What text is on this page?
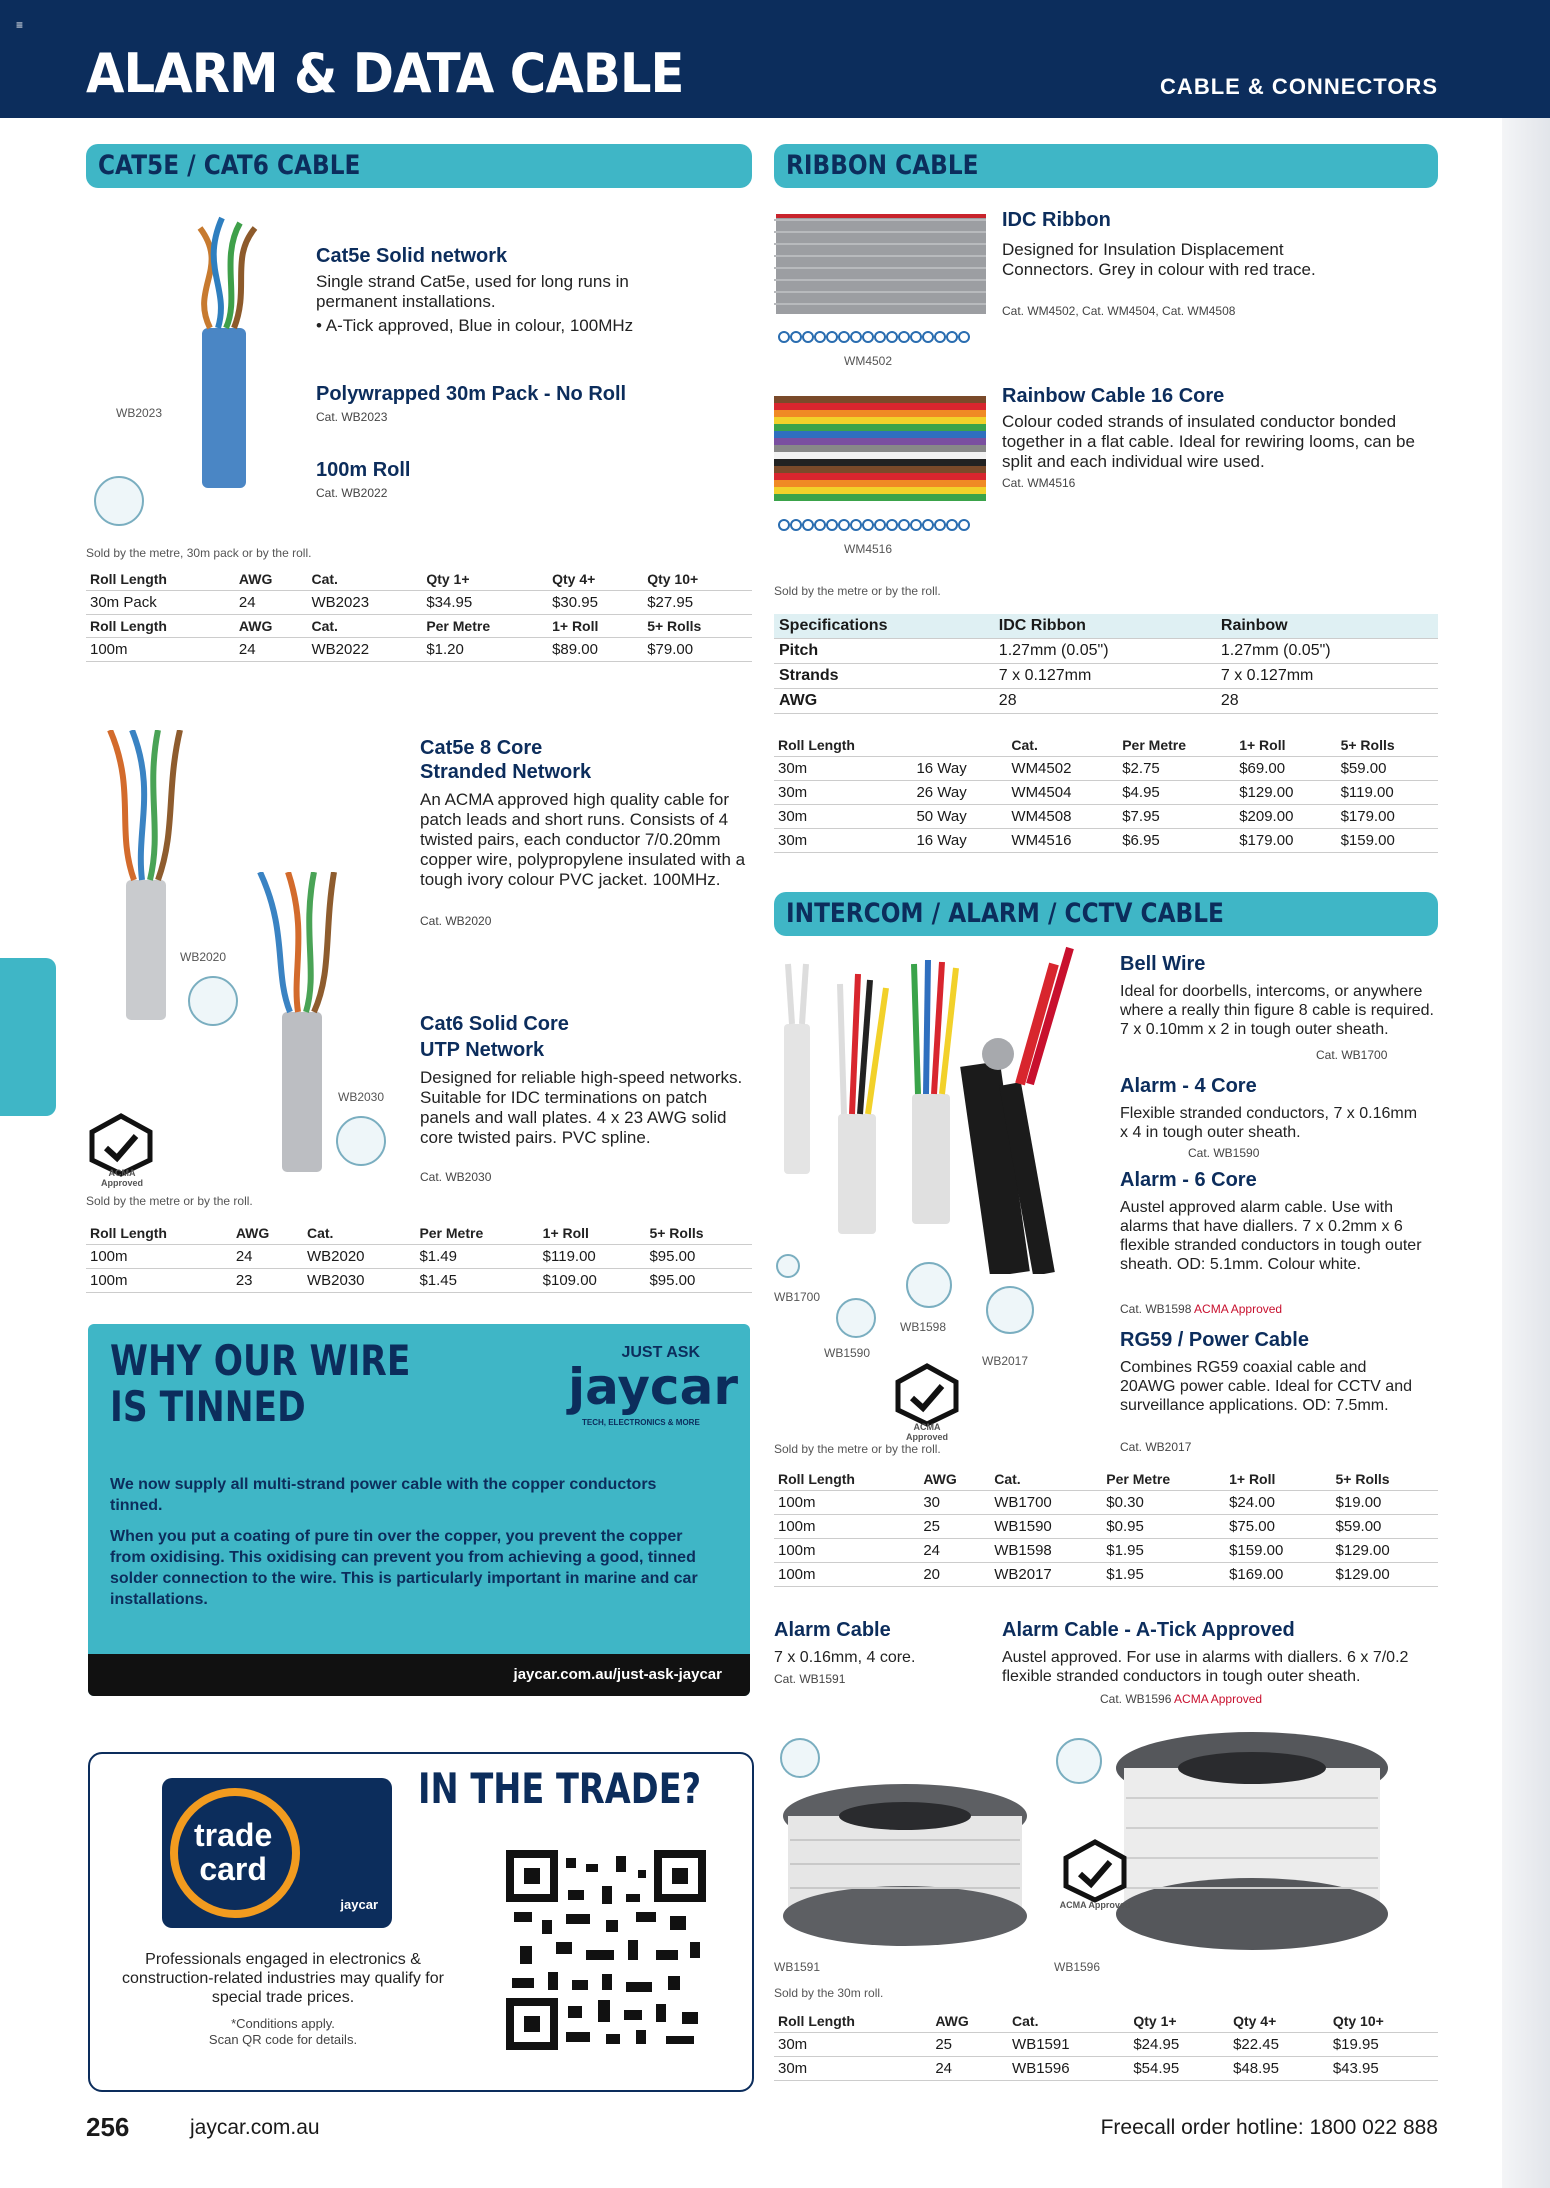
≡
ALARM & DATA CABLE	CABLE & CONNECTORS
CAT5E / CAT6 CABLE
WB2023
Cat5e Solid network
Single strand Cat5e, used for long runs in permanent installations.
• A-Tick approved, Blue in colour, 100MHz
Polywrapped 30m Pack - No Roll
Cat. WB2023
100m Roll
Cat. WB2022
Sold by the metre, 30m pack or by the roll.
Roll Length	AWG	Cat.	Qty 1+	Qty 4+	Qty 10+
30m Pack	24	WB2023	$34.95	$30.95	$27.95
Roll Length	AWG	Cat.	Per Metre	1+ Roll	5+ Rolls
100m	24	WB2022	$1.20	$89.00	$79.00
WB2020
WB2030
ACMA Approved
Cat5e 8 Core
Stranded Network
An ACMA approved high quality cable for patch leads and short runs. Consists of 4 twisted pairs, each conductor 7/0.20mm copper wire, polypropylene insulated with a tough ivory colour PVC jacket. 100MHz.
Cat. WB2020
Cat6 Solid Core
UTP Network
Designed for reliable high-speed networks. Suitable for IDC terminations on patch panels and wall plates. 4 x 23 AWG solid core twisted pairs. PVC spline.
Cat. WB2030
Sold by the metre or by the roll.
Roll Length	AWG	Cat.	Per Metre	1+ Roll	5+ Rolls
100m	24	WB2020	$1.49	$119.00	$95.00
100m	23	WB2030	$1.45	$109.00	$95.00
WHY OUR WIRE
IS TINNED
JUST ASK
jaycar
TECH, ELECTRONICS & MORE
We now supply all multi-strand power cable with the copper conductors tinned.
When you put a coating of pure tin over the copper, you prevent the copper from oxidising. This oxidising can prevent you from achieving a good, tinned solder connection to the wire. This is particularly important in marine and car installations.
jaycar.com.au/just-ask-jaycar
trade
card
jaycar
IN THE TRADE?
Professionals engaged in electronics & construction-related industries may qualify for special trade prices.
*Conditions apply.
Scan QR code for details.
RIBBON CABLE
WM4502
WM4516
IDC Ribbon
Designed for Insulation Displacement Connectors. Grey in colour with red trace.
Cat. WM4502, Cat. WM4504, Cat. WM4508
Rainbow Cable 16 Core
Colour coded strands of insulated conductor bonded together in a flat cable. Ideal for rewiring looms, can be split and each individual wire used.
Cat. WM4516
Sold by the metre or by the roll.
Specifications	IDC Ribbon	Rainbow
Pitch	1.27mm (0.05")	1.27mm (0.05")
Strands	7 x 0.127mm	7 x 0.127mm
AWG	28	28
Roll Length		Cat.	Per Metre	1+ Roll	5+ Rolls
30m	16 Way	WM4502	$2.75	$69.00	$59.00
30m	26 Way	WM4504	$4.95	$129.00	$119.00
30m	50 Way	WM4508	$7.95	$209.00	$179.00
30m	16 Way	WM4516	$6.95	$179.00	$159.00
INTERCOM / ALARM / CCTV CABLE
WB1700
WB1590
WB1598
WB2017
ACMA Approved
Bell Wire
Ideal for doorbells, intercoms, or anywhere where a really thin figure 8 cable is required. 7 x 0.10mm x 2 in tough outer sheath.
Cat. WB1700
Alarm - 4 Core
Flexible stranded conductors, 7 x 0.16mm x 4 in tough outer sheath.
Cat. WB1590
Alarm - 6 Core
Austel approved alarm cable. Use with alarms that have diallers. 7 x 0.2mm x 6 flexible stranded conductors in tough outer sheath. OD: 5.1mm. Colour white.
Cat. WB1598 ACMA Approved
RG59 / Power Cable
Combines RG59 coaxial cable and 20AWG power cable. Ideal for CCTV and surveillance applications. OD: 7.5mm.
Cat. WB2017
Sold by the metre or by the roll.
Roll Length	AWG	Cat.	Per Metre	1+ Roll	5+ Rolls
100m	30	WB1700	$0.30	$24.00	$19.00
100m	25	WB1590	$0.95	$75.00	$59.00
100m	24	WB1598	$1.95	$159.00	$129.00
100m	20	WB2017	$1.95	$169.00	$129.00
Alarm Cable
7 x 0.16mm, 4 core.
Cat. WB1591
Alarm Cable - A-Tick Approved
Austel approved. For use in alarms with diallers. 6 x 7/0.2 flexible stranded conductors in tough outer sheath.
Cat. WB1596 ACMA Approved
WB1591
ACMA Approved
WB1596
Sold by the 30m roll.
Roll Length	AWG	Cat.	Qty 1+	Qty 4+	Qty 10+
30m	25	WB1591	$24.95	$22.45	$19.95
30m	24	WB1596	$54.95	$48.95	$43.95
256	jaycar.com.au	Freecall order hotline: 1800 022 888
